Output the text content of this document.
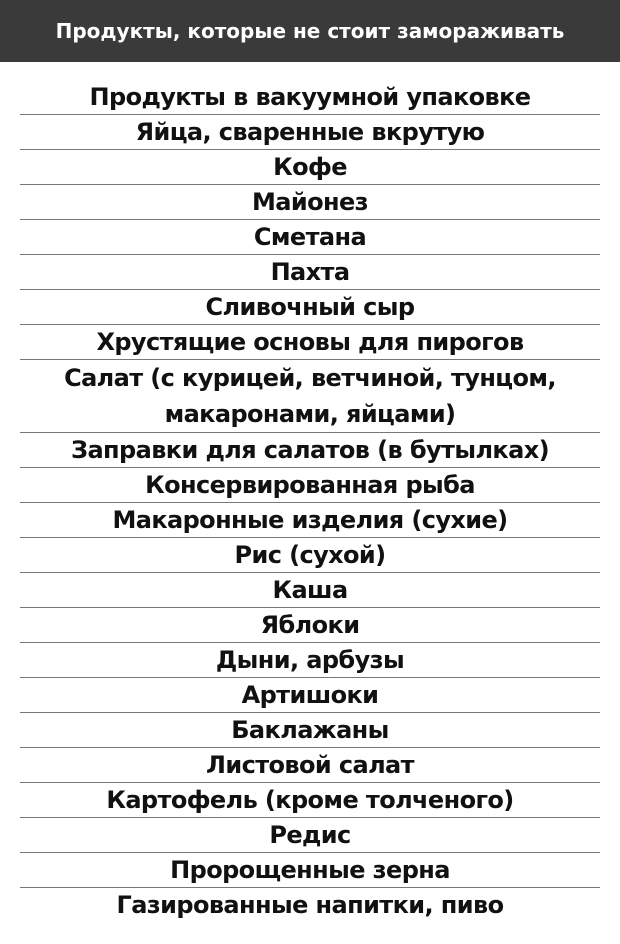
Продукты, которые не стоит замораживать
Продукты в вакуумной упаковке
Яйца, сваренные вкрутую
Кофе
Майонез
Сметана
Пахта
Сливочный сыр
Хрустящие основы для пирогов
Салат (с курицей, ветчиной, тунцом, макаронами, яйцами)
Заправки для салатов (в бутылках)
Консервированная рыба
Макаронные изделия (сухие)
Рис (сухой)
Каша
Яблоки
Дыни, арбузы
Артишоки
Баклажаны
Листовой салат
Картофель (кроме толченого)
Редис
Пророщенные зерна
Газированные напитки, пиво
